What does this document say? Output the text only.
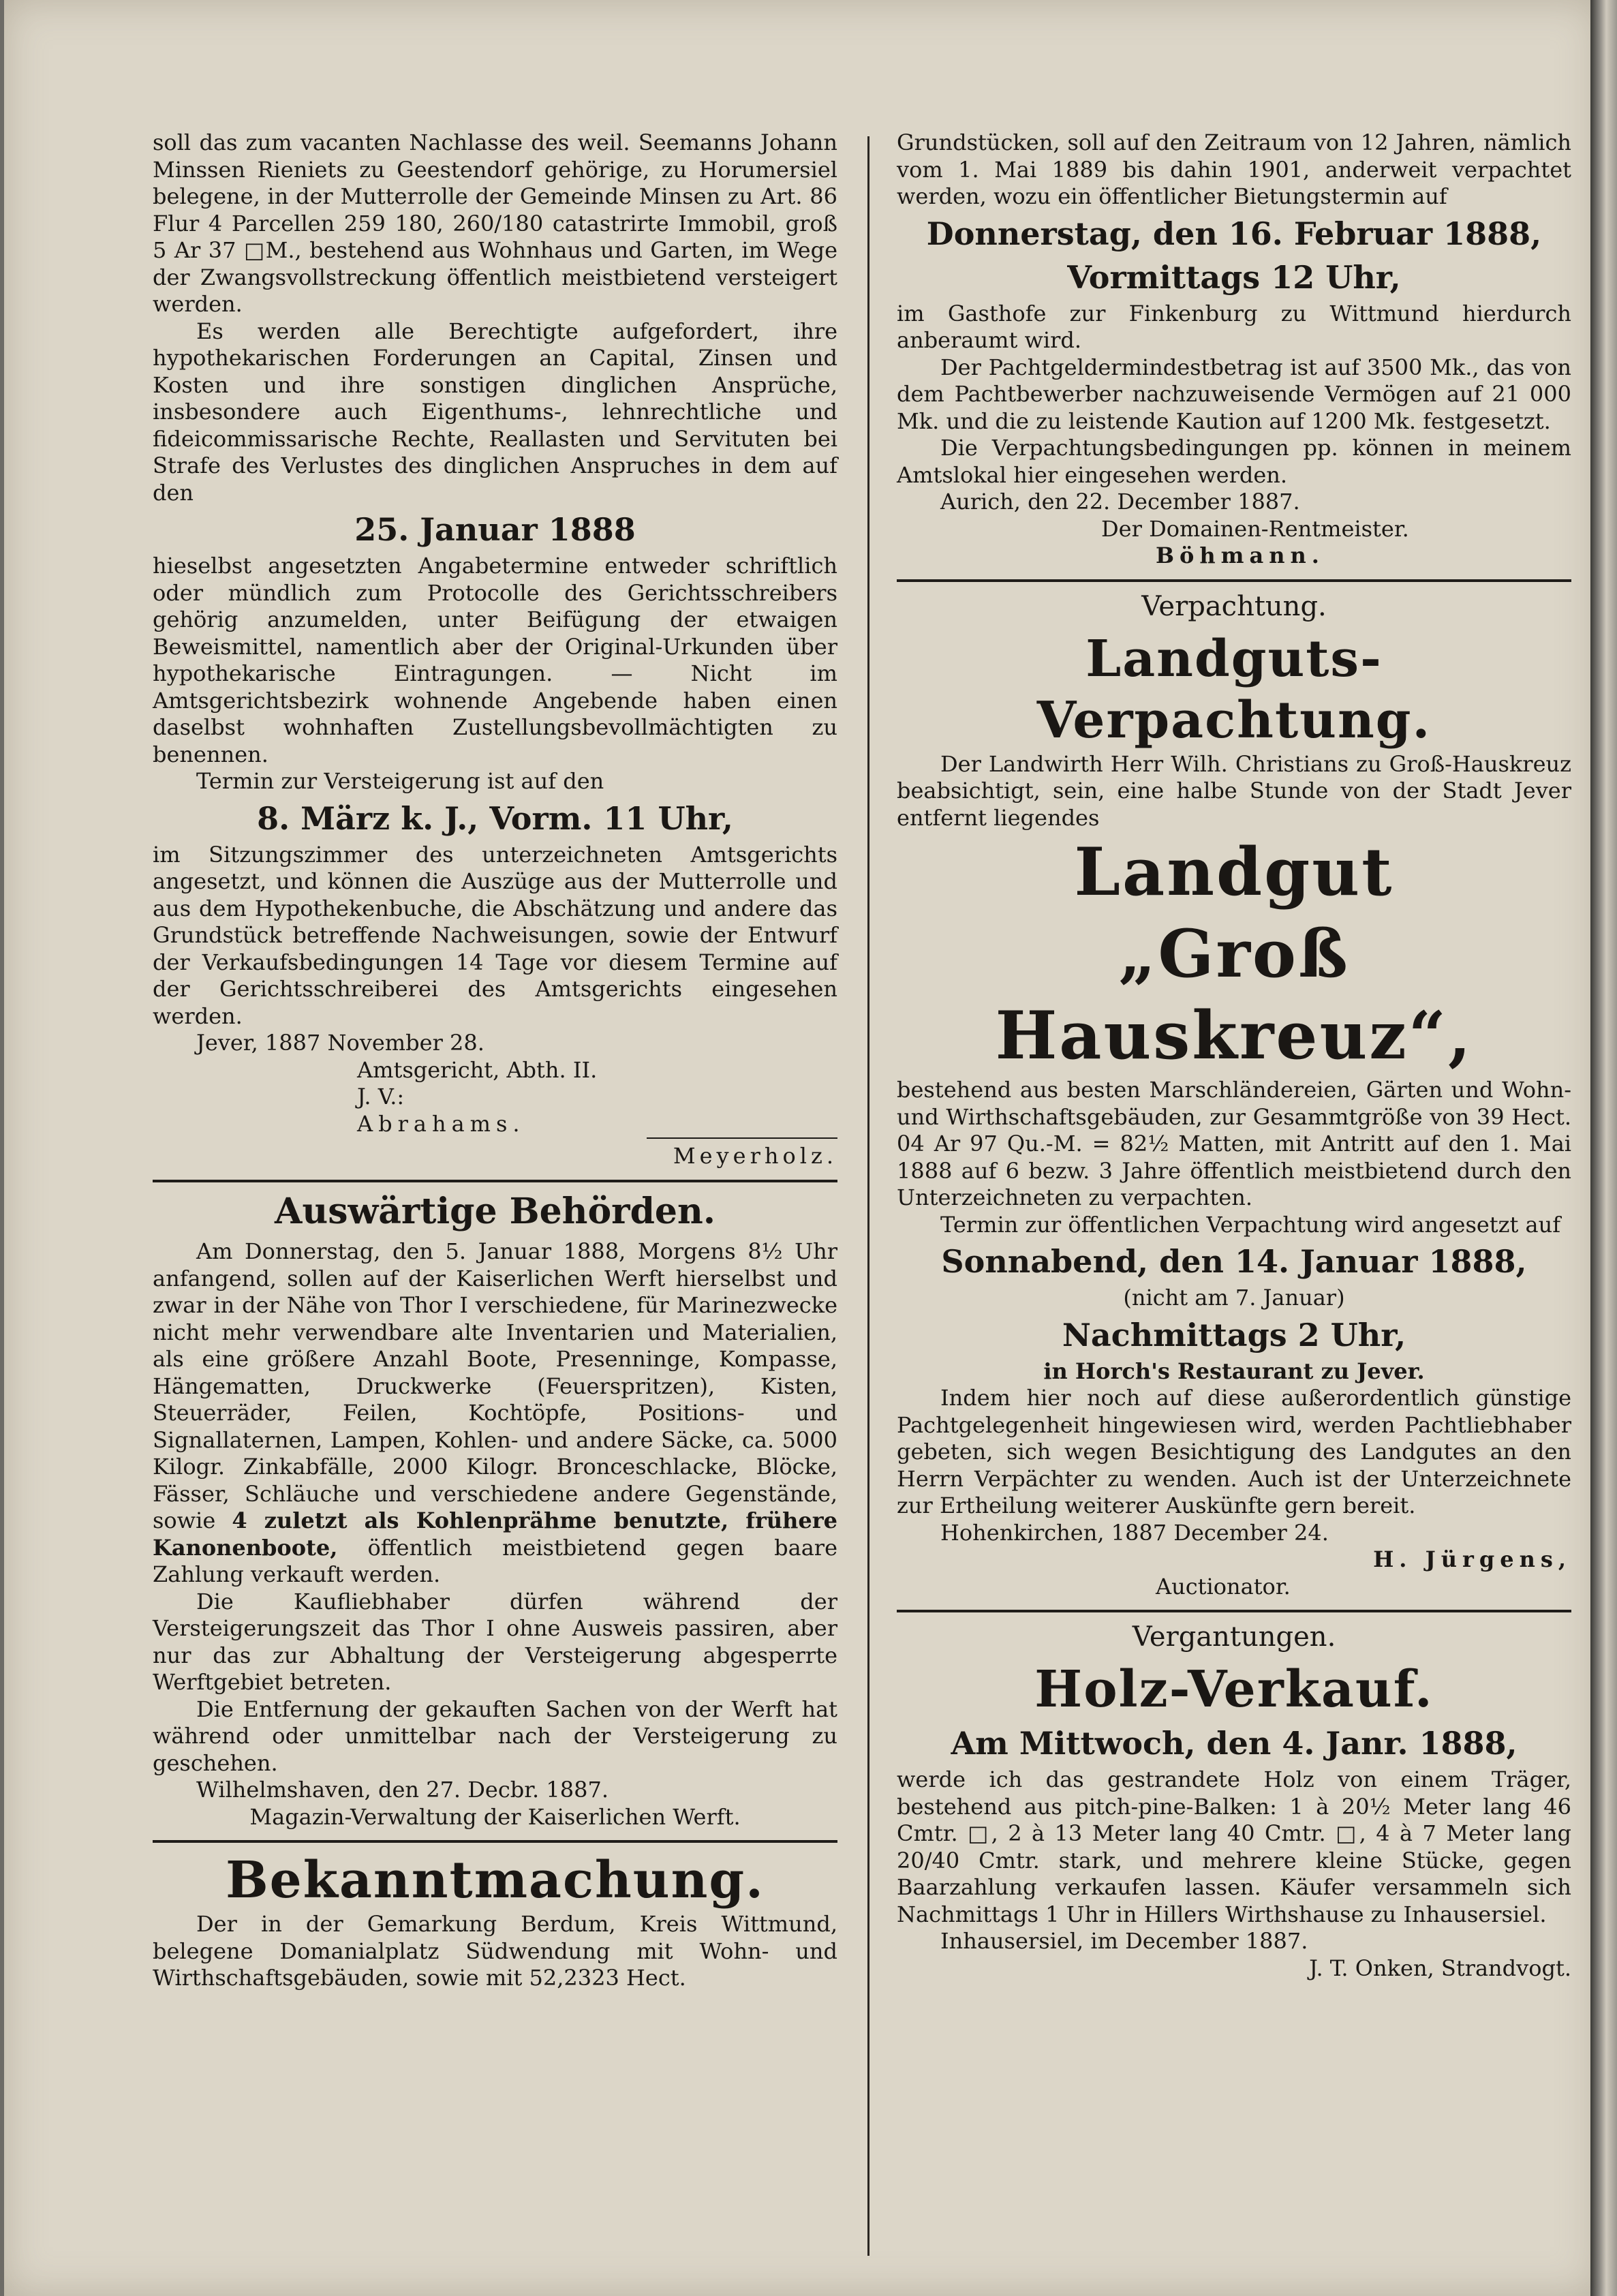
soll das zum vacanten Nachlasse des weil. Seemanns Johann Minssen Rieniets zu Geestendorf gehörige, zu Horumersiel belegene, in der Mutterrolle der Gemeinde Minsen zu Art. 86 Flur 4 Parcellen 259 180, 260/180 catastrirte Immobil, groß 5 Ar 37 □M., bestehend aus Wohnhaus und Garten, im Wege der Zwangsvollstreckung öffentlich meistbietend versteigert werden.

Es werden alle Berechtigte aufgefordert, ihre hypothekarischen Forderungen an Capital, Zinsen und Kosten und ihre sonstigen dinglichen Ansprüche, insbesondere auch Eigenthums-, lehnrechtliche und fideicommissarische Rechte, Reallasten und Servituten bei Strafe des Verlustes des dinglichen Anspruches in dem auf den

25. Januar 1888

hieselbst angesetzten Angabetermine entweder schriftlich oder mündlich zum Protocolle des Gerichtsschreibers gehörig anzumelden, unter Beifügung der etwaigen Beweismittel, namentlich aber der Original-Urkunden über hypothekarische Eintragungen. — Nicht im Amtsgerichtsbezirk wohnende Angebende haben einen daselbst wohnhaften Zustellungsbevollmächtigten zu benennen.

Termin zur Versteigerung ist auf den

8. März k. J., Vorm. 11 Uhr,

im Sitzungszimmer des unterzeichneten Amtsgerichts angesetzt, und können die Auszüge aus der Mutterrolle und aus dem Hypothekenbuche, die Abschätzung und andere das Grundstück betreffende Nachweisungen, sowie der Entwurf der Verkaufsbedingungen 14 Tage vor diesem Termine auf der Gerichtsschreiberei des Amtsgerichts eingesehen werden.

Jever, 1887 November 28.

Amtsgericht, Abth. II.

J. V.:

Abrahams.

Meyerholz.
Auswärtige Behörden.

Am Donnerstag, den 5. Januar 1888, Morgens 8½ Uhr anfangend, sollen auf der Kaiserlichen Werft hierselbst und zwar in der Nähe von Thor I verschiedene, für Marinezwecke nicht mehr verwendbare alte Inventarien und Materialien, als eine größere Anzahl Boote, Presenninge, Kompasse, Hängematten, Druckwerke (Feuerspritzen), Kisten, Steuerräder, Feilen, Kochtöpfe, Positions- und Signallaternen, Lampen, Kohlen- und andere Säcke, ca. 5000 Kilogr. Zinkabfälle, 2000 Kilogr. Bronceschlacke, Blöcke, Fässer, Schläuche und verschiedene andere Gegenstände, sowie 4 zuletzt als Kohlenprähme benutzte, frühere Kanonenboote, öffentlich meistbietend gegen baare Zahlung verkauft werden.

Die Kaufliebhaber dürfen während der Versteigerungszeit das Thor I ohne Ausweis passiren, aber nur das zur Abhaltung der Versteigerung abgesperrte Werftgebiet betreten.

Die Entfernung der gekauften Sachen von der Werft hat während oder unmittelbar nach der Versteigerung zu geschehen.

Wilhelmshaven, den 27. Decbr. 1887.

Magazin-Verwaltung der Kaiserlichen Werft.

Bekanntmachung.

Der in der Gemarkung Berdum, Kreis Wittmund, belegene Domanialplatz Südwendung mit Wohn- und Wirthschaftsgebäuden, sowie mit 52,2323 Hect.

Grundstücken, soll auf den Zeitraum von 12 Jahren, nämlich vom 1. Mai 1889 bis dahin 1901, anderweit verpachtet werden, wozu ein öffentlicher Bietungstermin auf

Donnerstag, den 16. Februar 1888,
Vormittags 12 Uhr,

im Gasthofe zur Finkenburg zu Wittmund hierdurch anberaumt wird.

Der Pachtgeldermindestbetrag ist auf 3500 Mk., das von dem Pachtbewerber nachzuweisende Vermögen auf 21 000 Mk. und die zu leistende Kaution auf 1200 Mk. festgesetzt.

Die Verpachtungsbedingungen pp. können in meinem Amtslokal hier eingesehen werden.

Aurich, den 22. December 1887.

Der Domainen-Rentmeister.

Böhmann.

Verpachtung.
Landguts-Verpachtung.

Der Landwirth Herr Wilh. Christians zu Groß-Hauskreuz beabsichtigt, sein, eine halbe Stunde von der Stadt Jever entfernt liegendes

Landgut
„Groß Hauskreuz“,

bestehend aus besten Marschländereien, Gärten und Wohn- und Wirthschaftsgebäuden, zur Gesammtgröße von 39 Hect. 04 Ar 97 Qu.-M. = 82½ Matten, mit Antritt auf den 1. Mai 1888 auf 6 bezw. 3 Jahre öffentlich meistbietend durch den Unterzeichneten zu verpachten.

Termin zur öffentlichen Verpachtung wird angesetzt auf

Sonnabend, den 14. Januar 1888,

(nicht am 7. Januar)

Nachmittags 2 Uhr,

in Horch's Restaurant zu Jever.

Indem hier noch auf diese außerordentlich günstige Pachtgelegenheit hingewiesen wird, werden Pachtliebhaber gebeten, sich wegen Besichtigung des Landgutes an den Herrn Verpächter zu wenden. Auch ist der Unterzeichnete zur Ertheilung weiterer Auskünfte gern bereit.

Hohenkirchen, 1887 December 24.

H. Jürgens,

Auctionator.

Vergantungen.
Holz-Verkauf.
Am Mittwoch, den 4. Janr. 1888,

werde ich das gestrandete Holz von einem Träger, bestehend aus pitch-pine-Balken: 1 à 20½ Meter lang 46 Cmtr. □, 2 à 13 Meter lang 40 Cmtr. □, 4 à 7 Meter lang 20/40 Cmtr. stark, und mehrere kleine Stücke, gegen Baarzahlung verkaufen lassen. Käufer versammeln sich Nachmittags 1 Uhr in Hillers Wirthshause zu Inhausersiel.

Inhausersiel, im December 1887.

J. T. Onken, Strandvogt.
